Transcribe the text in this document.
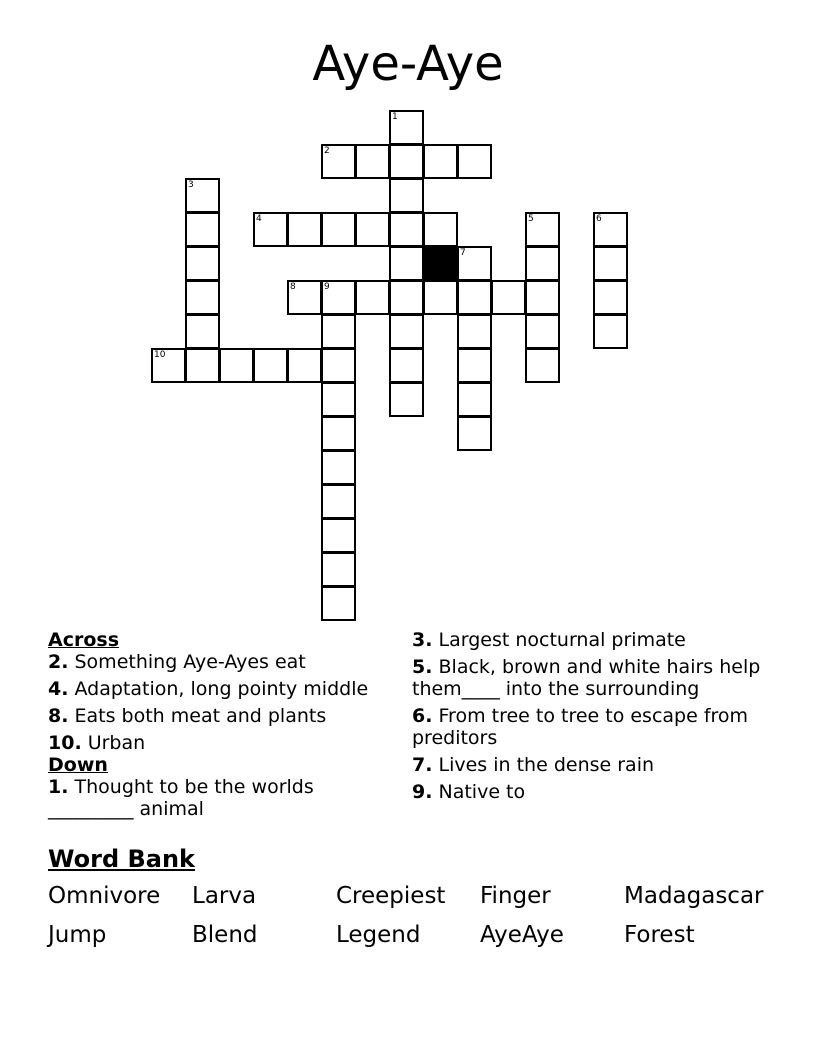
Aye-Aye
1
2
3
4	5	6
7
8	9
10
Across
2. Something Aye-Ayes eat
4. Adaptation, long pointy middle
8. Eats both meat and plants
10. Urban
Down
1. Thought to be the worlds _________ animal
3. Largest nocturnal primate
5. Black, brown and white hairs help them____ into the surrounding
6. From tree to tree to escape from preditors
7. Lives in the dense rain
9. Native to
Word Bank
Omnivore	Larva	Creepiest	Finger	Madagascar
Jump	Blend	Legend	AyeAye	Forest
